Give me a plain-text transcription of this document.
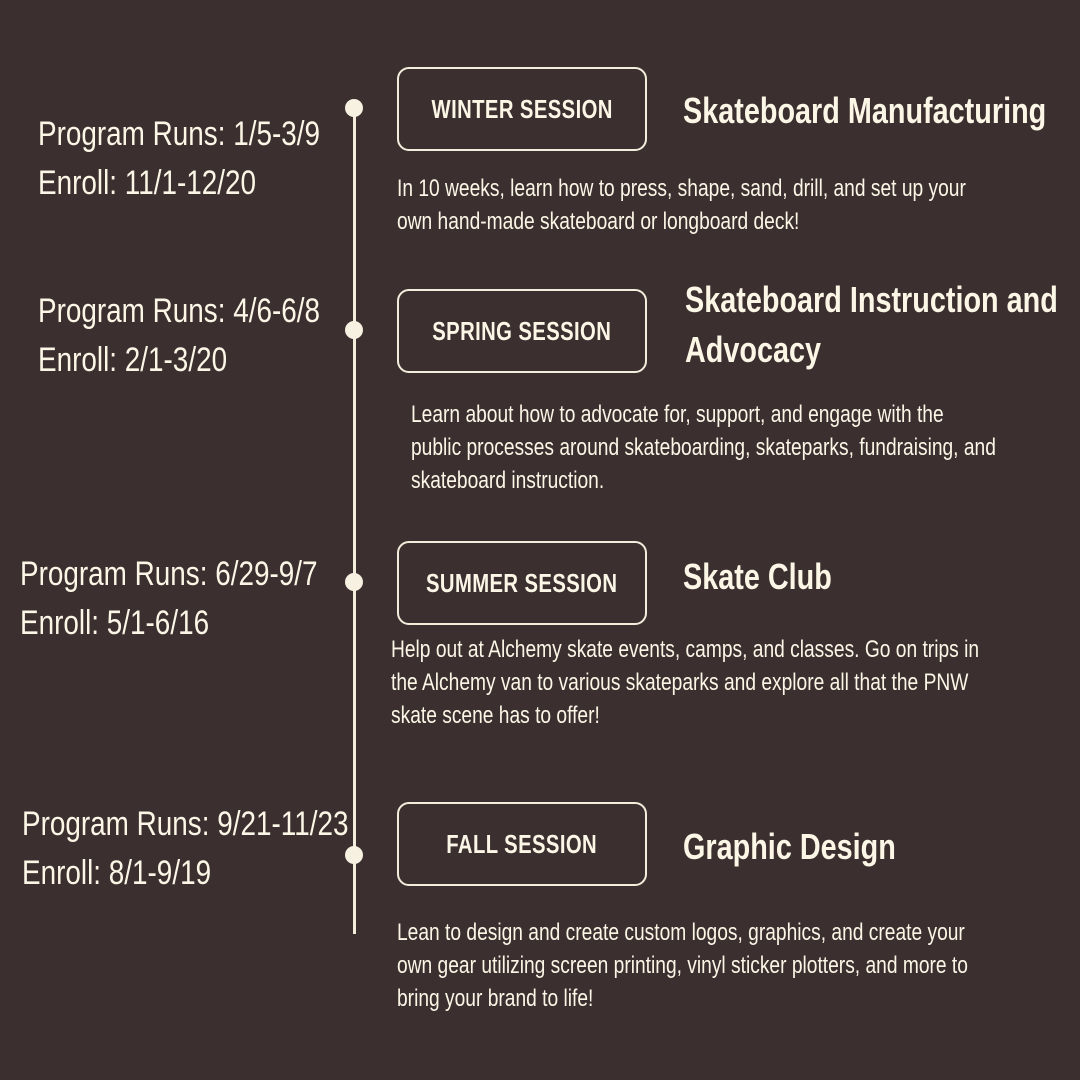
Program Runs: 1/5-3/9
Enroll: 11/1-12/20
WINTER SESSION Skateboard Manufacturing
In 10 weeks, learn how to press, shape, sand, drill, and set up your
own hand-made skateboard or longboard deck!
Program Runs: 4/6-6/8
Enroll: 2/1-3/20
SPRING SESSION
Skateboard Instruction and
Advocacy
Learn about how to advocate for, support, and engage with the
public processes around skateboarding, skateparks, fundraising, and
skateboard instruction.
Program Runs: 6/29-9/7
Enroll: 5/1-6/16
SUMMER SESSION Skate Club
Help out at Alchemy skate events, camps, and classes. Go on trips in
the Alchemy van to various skateparks and explore all that the PNW
skate scene has to offer!
Program Runs: 9/21-11/23
Enroll: 8/1-9/19
FALL SESSION Graphic Design
Lean to design and create custom logos, graphics, and create your
own gear utilizing screen printing, vinyl sticker plotters, and more to
bring your brand to life!
